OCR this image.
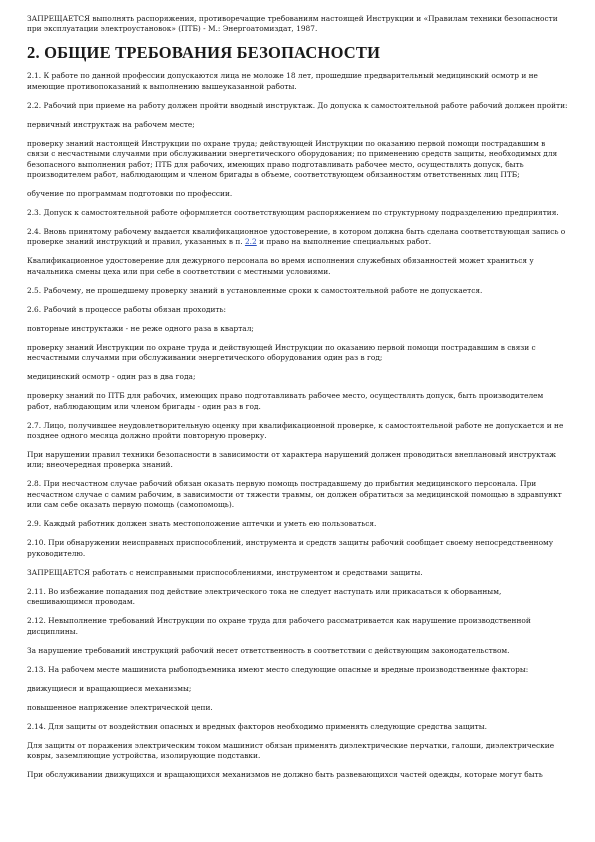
ЗАПРЕЩАЕТСЯ выполнять распоряжения, противоречащие требованиям настоящей Инструкции и «Правилам техники безопасности при эксплуатации электроустановок» (ПТБ) - М.: Энергоатомиздат, 1987.

2. ОБЩИЕ ТРЕБОВАНИЯ БЕЗОПАСНОСТИ

2.1. К работе по данной профессии допускаются лица не моложе 18 лет, прошедшие предварительный медицинский осмотр и не имеющие противопоказаний к выполнению вышеуказанной работы.

2.2. Рабочий при приеме на работу должен пройти вводный инструктаж. До допуска к самостоятельной работе рабочий должен пройти:

первичный инструктаж на рабочем месте;

проверку знаний настоящей Инструкции по охране труда; действующей Инструкции по оказанию первой помощи пострадавшим в связи с несчастными случаями при обслуживании энергетического оборудования; по применению средств защиты, необходимых для безопасного выполнения работ; ПТБ для рабочих, имеющих право подготавливать рабочее место, осуществлять допуск, быть производителем работ, наблюдающим и членом бригады в объеме, соответствующем обязанностям ответственных лиц ПТБ;

обучение по программам подготовки по профессии.

2.3. Допуск к самостоятельной работе оформляется соответствующим распоряжением по структурному подразделению предприятия.

2.4. Вновь принятому рабочему выдается квалификационное удостоверение, в котором должна быть сделана соответствующая запись о проверке знаний инструкций и правил, указанных в п. 2.2 и право на выполнение специальных работ.

Квалификационное удостоверение для дежурного персонала во время исполнения служебных обязанностей может храниться у начальника смены цеха или при себе в соответствии с местными условиями.

2.5. Рабочему, не прошедшему проверку знаний в установленные сроки к самостоятельной работе не допускается.

2.6. Рабочий в процессе работы обязан проходить:

повторные инструктажи - не реже одного раза в квартал;

проверку знаний Инструкции по охране труда и действующей Инструкции по оказанию первой помощи пострадавшим в связи с несчастными случаями при обслуживании энергетического оборудования один раз в год;

медицинский осмотр - один раз в два года;

проверку знаний по ПТБ для рабочих, имеющих право подготавливать рабочее место, осуществлять допуск, быть производителем работ, наблюдающим или членом бригады - один раз в год.

2.7. Лицо, получившее неудовлетворительную оценку при квалификационной проверке, к самостоятельной работе не допускается и не позднее одного месяца должно пройти повторную проверку.

При нарушении правил техники безопасности в зависимости от характера нарушений должен проводиться внеплановый инструктаж или; внеочередная проверка знаний.

2.8. При несчастном случае рабочий обязан оказать первую помощь пострадавшему до прибытия медицинского персонала. При несчастном случае с самим рабочим, в зависимости от тяжести травмы, он должен обратиться за медицинской помощью в здравпункт или сам себе оказать первую помощь (самопомощь).

2.9. Каждый работник должен знать местоположение аптечки и уметь ею пользоваться.

2.10. При обнаружении неисправных приспособлений, инструмента и средств защиты рабочий сообщает своему непосредственному руководителю.

ЗАПРЕЩАЕТСЯ работать с неисправными приспособлениями, инструментом и средствами защиты.

2.11. Во избежание попадания под действие электрического тока не следует наступать или прикасаться к оборванным, свешивающимся проводам.

2.12. Невыполнение требований Инструкции по охране труда для рабочего рассматривается как нарушение производственной дисциплины.

За нарушение требований инструкций рабочий несет ответственность в соответствии с действующим законодательством.

2.13. На рабочем месте машиниста рыбоподъемника имеют место следующие опасные и вредные производственные факторы:

движущиеся и вращающиеся механизмы;

повышенное напряжение электрической цепи.

2.14. Для защиты от воздействия опасных и вредных факторов необходимо применять следующие средства защиты.

Для защиты от поражения электрическим током машинист обязан применять диэлектрические перчатки, галоши, диэлектрические ковры, заземляющие устройства, изолирующие подставки.

При обслуживании движущихся и вращающихся механизмов не должно быть развевающихся частей одежды, которые могут быть
